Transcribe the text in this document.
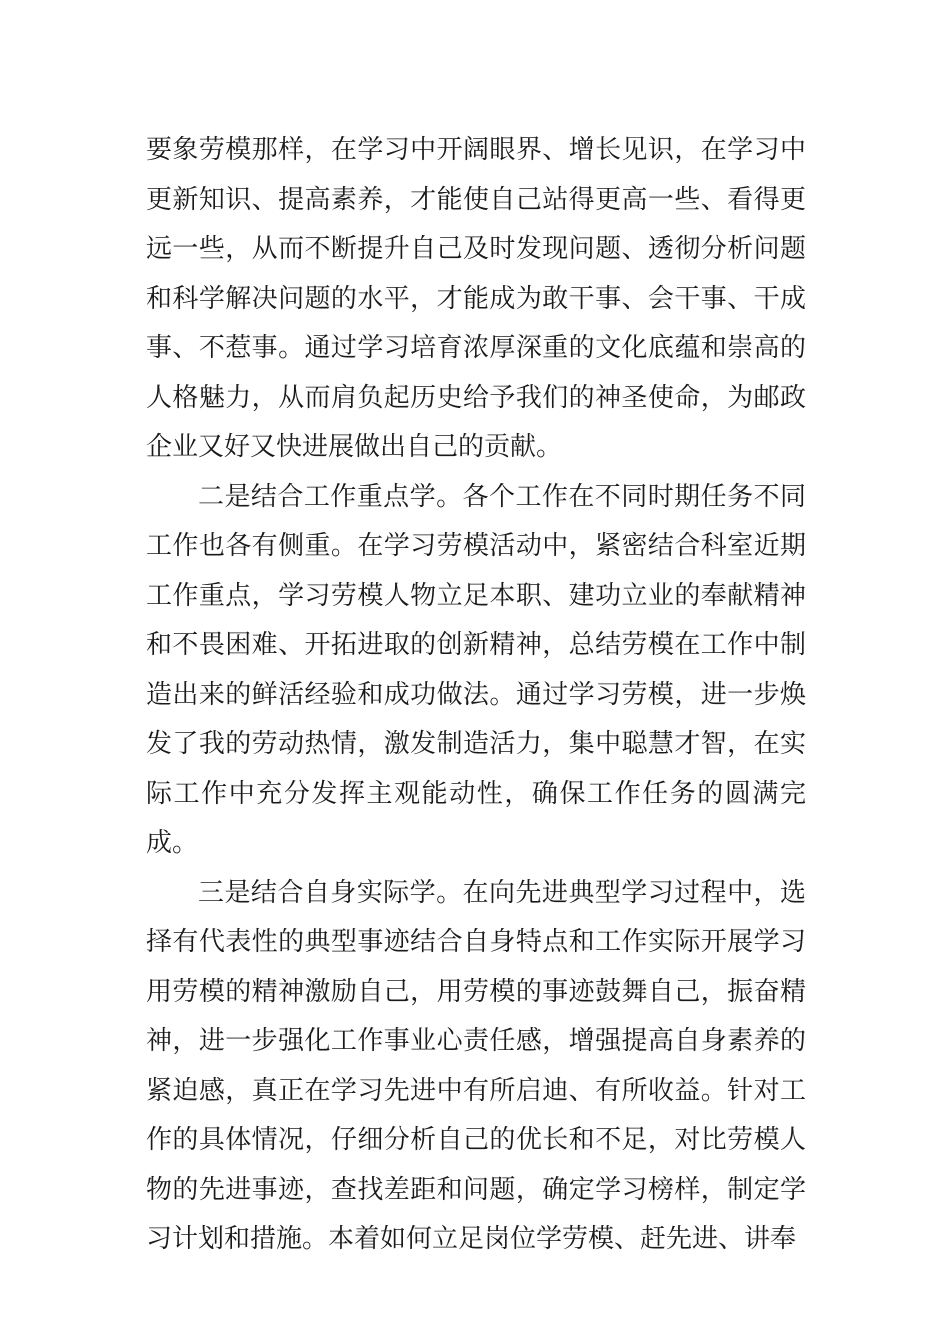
要象劳模那样，在学习中开阔眼界、增长见识，在学习中更新知识、提高素养，才能使自己站得更高一些、看得更远一些，从而不断提升自己及时发现问题、透彻分析问题和科学解决问题的水平，才能成为敢干事、会干事、干成事、不惹事。通过学习培育浓厚深重的文化底蕴和崇高的人格魅力，从而肩负起历史给予我们的神圣使命，为邮政企业又好又快进展做出自己的贡献。

二是结合工作重点学。各个工作在不同时期任务不同工作也各有侧重。在学习劳模活动中，紧密结合科室近期工作重点，学习劳模人物立足本职、建功立业的奉献精神和不畏困难、开拓进取的创新精神，总结劳模在工作中制造出来的鲜活经验和成功做法。通过学习劳模，进一步焕发了我的劳动热情，激发制造活力，集中聪慧才智，在实际工作中充分发挥主观能动性，确保工作任务的圆满完成。

三是结合自身实际学。在向先进典型学习过程中，选择有代表性的典型事迹结合自身特点和工作实际开展学习用劳模的精神激励自己，用劳模的事迹鼓舞自己，振奋精神，进一步强化工作事业心责任感，增强提高自身素养的紧迫感，真正在学习先进中有所启迪、有所收益。针对工作的具体情况，仔细分析自己的优长和不足，对比劳模人物的先进事迹，查找差距和问题，确定学习榜样，制定学习计划和措施。本着如何立足岗位学劳模、赶先进、讲奉
